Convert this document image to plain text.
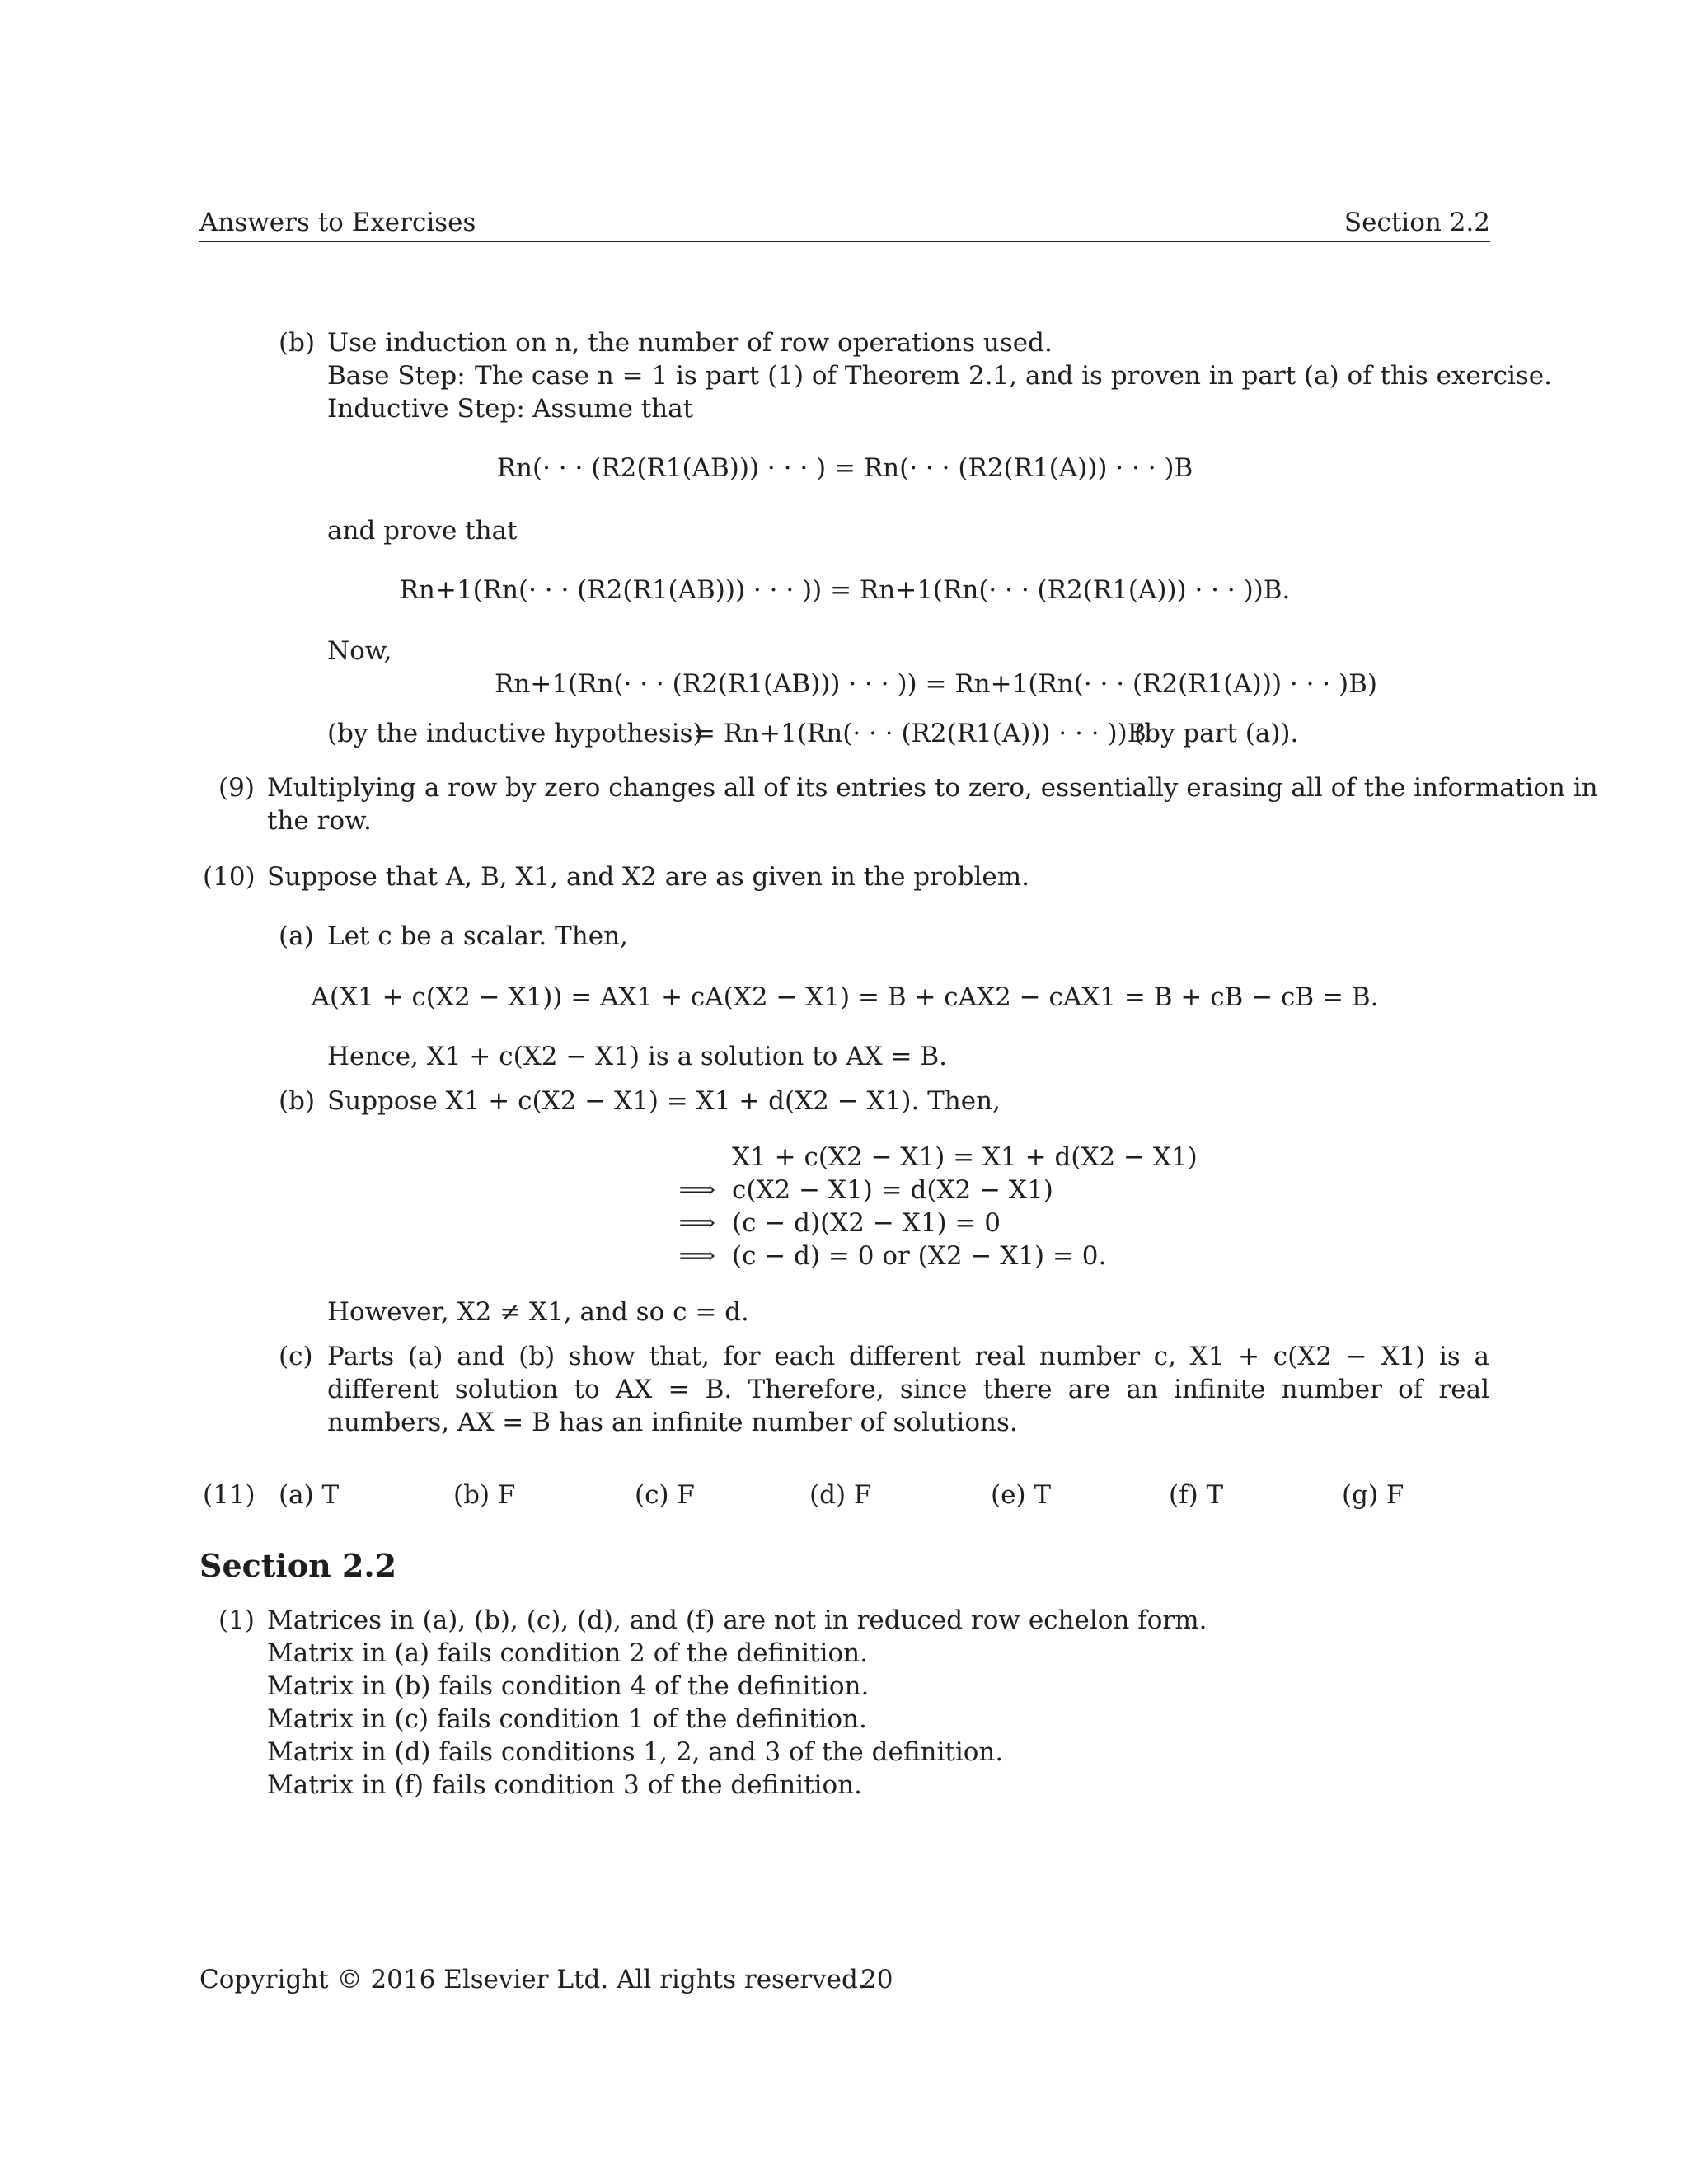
Answers to Exercises	Section 2.2
(b) Use induction on n, the number of row operations used.
Base Step: The case n = 1 is part (1) of Theorem 2.1, and is proven in part (a) of this exercise.
Inductive Step: Assume that
Rn(· · · (R2(R1(AB))) · · · ) = Rn(· · · (R2(R1(A))) · · · )B
and prove that
Rn+1(Rn(· · · (R2(R1(AB))) · · · )) = Rn+1(Rn(· · · (R2(R1(A))) · · · ))B.
Now,
Rn+1(Rn(· · · (R2(R1(AB))) · · · )) = Rn+1(Rn(· · · (R2(R1(A))) · · · )B)
(by the inductive hypothesis)
= Rn+1(Rn(· · · (R2(R1(A))) · · · ))B
(by part (a)).
(9) Multiplying a row by zero changes all of its entries to zero, essentially erasing all of the information in
the row.
(10) Suppose that A, B, X1, and X2 are as given in the problem.
(a) Let c be a scalar. Then,
A(X1 + c(X2 − X1)) = AX1 + cA(X2 − X1) = B + cAX2 − cAX1 = B + cB − cB = B.
Hence, X1 + c(X2 − X1) is a solution to AX = B.
(b) Suppose X1 + c(X2 − X1) = X1 + d(X2 − X1). Then,
X1 + c(X2 − X1) = X1 + d(X2 − X1)
⟹ c(X2 − X1) = d(X2 − X1)
⟹ (c − d)(X2 − X1) = 0
⟹ (c − d) = 0 or (X2 − X1) = 0.
However, X2 ≠ X1, and so c = d.
(c) Parts (a) and (b) show that, for each different real number c, X1 + c(X2 − X1) is a different solution to AX = B. Therefore, since there are an infinite number of real numbers, AX = B has an infinite number of solutions.
(11) (a) T	(b) F	(c) F	(d) F	(e) T	(f) T	(g) F
Section 2.2
(1) Matrices in (a), (b), (c), (d), and (f) are not in reduced row echelon form.
Matrix in (a) fails condition 2 of the definition.
Matrix in (b) fails condition 4 of the definition.
Matrix in (c) fails condition 1 of the definition.
Matrix in (d) fails conditions 1, 2, and 3 of the definition.
Matrix in (f) fails condition 3 of the definition.
Copyright © 2016 Elsevier Ltd. All rights reserved.
20
